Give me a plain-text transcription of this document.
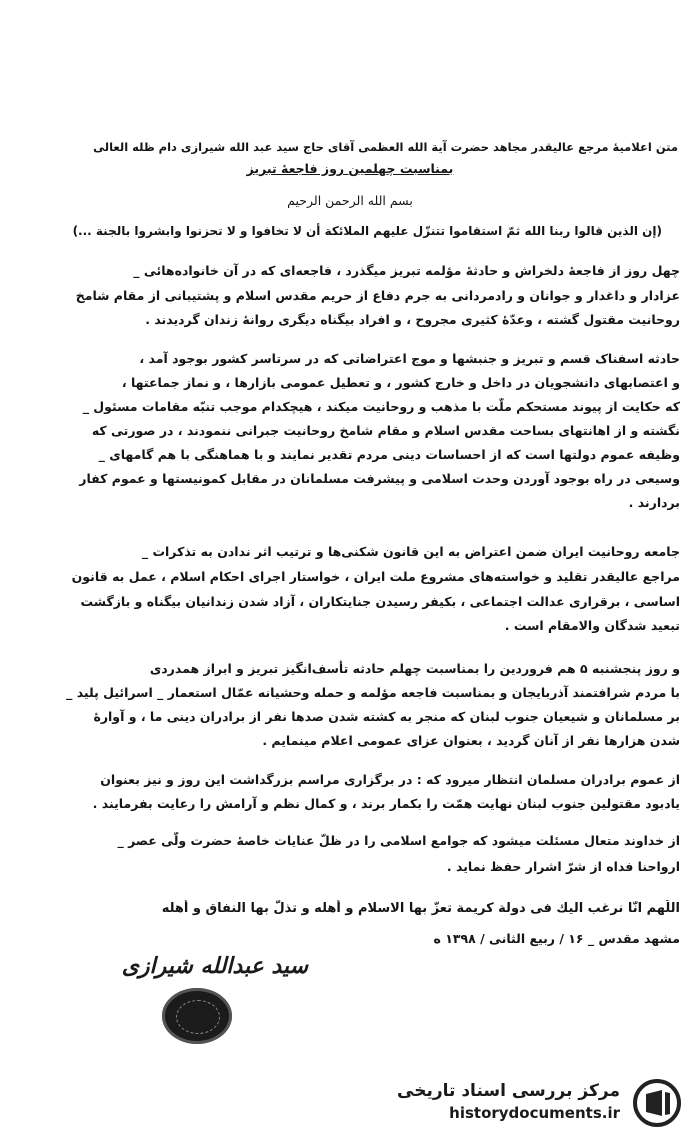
متن اعلامیهٔ مرجع عالیقدر مجاهد حضرت آیة الله العظمی آقای حاج سید عبد الله شیرازی دام ظله العالی
بمناسبت چهلمین روز فاجعهٔ تبریز
بسم الله الرحمن الرحیم
(إن الذین قالوا ربنا الله ثمّ استقاموا تتنزّل علیهم الملائکة أن لا تخافوا و لا تحزنوا وابشروا بالجنة ...)
چهل روز از فاجعهٔ دلخراش و حادثهٔ مؤلمه تبریز میگذرد ، فاجعه‌ای که در آن خانواده‌هائی _
عزادار و داغدار و جوانان و رادمردانی به جرم دفاع از حریم مقدس اسلام و پشتیبانی از مقام شامخ
روحانیت مقتول گشته ، وعدّهٔ کثیری مجروح ، و افراد بیگناه دیگری روانهٔ زندان گردیدند .
حادثه اسفناک قسم و تبریز و جنبشها و موج اعتراضاتی که در سرتاسر کشور بوجود آمد ،
و اعتصابهای دانشجویان در داخل و خارج کشور ، و تعطیل عمومی بازارها ، و نماز جماعتها ،
که حکایت از پیوند مستحکم ملّت با مذهب و روحانیت میکند ، هیچکدام موجب تنبّه مقامات مسئول _
نگشته و از اهانتهای بساحت مقدس اسلام و مقام شامخ روحانیت جبرانی ننمودند ، در صورتی که
وظیفه عموم دولتها است که از احساسات دینی مردم تقدیر نمایند و با هماهنگی با هم گامهای _
وسیعی در راه بوجود آوردن وحدت اسلامی و پیشرفت مسلمانان در مقابل کمونیستها و عموم کفار
بردارند .
جامعه روحانیت ایران ضمن اعتراض به این قانون شکنی‌ها و ترتیب اثر ندادن به تذکرات _
مراجع عالیقدر تقلید و خواسته‌های مشروع ملت ایران ، خواستار اجرای احکام اسلام ، عمل به قانون
اساسی ، برقراری عدالت اجتماعی ، بکیفر رسیدن جنایتکاران ، آزاد شدن زندانیان بیگناه و بازگشت
تبعید شدگان والامقام است .
و روز پنجشنبه ۵ هم فروردین را بمناسبت چهلم حادثه تأسف‌انگیز تبریز و ابراز همدردی
با مردم شرافتمند آذربایجان و بمناسبت فاجعه مؤلمه و حمله وحشیانه عمّال استعمار _ اسرائیل پلید _
بر مسلمانان و شیعیان جنوب لبنان که منجر به کشته شدن صدها نفر از برادران دینی ما ، و آوارهٔ
شدن هزارها نفر از آنان گردید ، بعنوان عزای عمومی اعلام مینمایم .
از عموم برادران مسلمان انتظار میرود که : در برگزاری مراسم بزرگداشت این روز و نیز بعنوان
یادبود مقتولین جنوب لبنان نهایت همّت را بکمار برند ، و کمال نظم و آرامش را رعایت بفرمایند .
از خداوند متعال مسئلت میشود که جوامع اسلامی را در ظلّ عنایات خاصهٔ حضرت ولّی عصر _
ارواحنا فداه از شرّ اشرار حفظ نماید .
اللّهم انّا نرغب الیك فی دولة کریمة تعزّ بها الاسلام و أهله و تذلّ بها النفاق و أهله
مشهد مقدس _ ۱۶ / ربیع الثانی / ۱۳۹۸ ه
سید عبدالله شیرازی
مرکز بررسی اسناد تاریخی
historydocuments.ir
